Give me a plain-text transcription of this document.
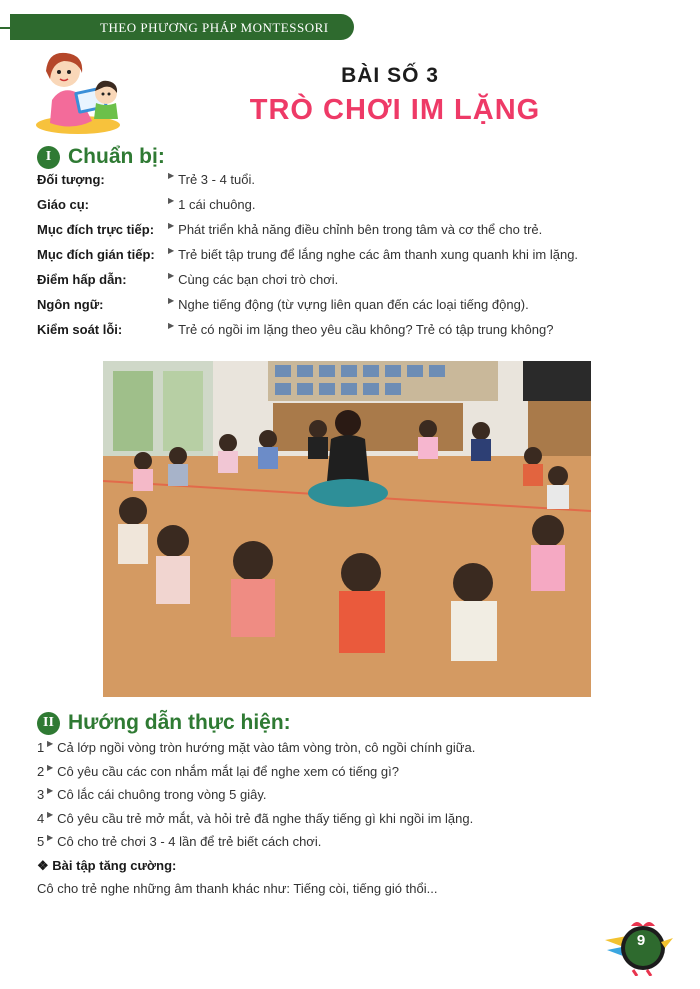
THEO PHƯƠNG PHÁP MONTESSORI
BÀI SỐ 3
TRÒ CHƠI IM LẶNG
I Chuẩn bị:
Đối tượng:	▶ Trẻ 3 - 4 tuổi.
Giáo cụ:	▶ 1 cái chuông.
Mục đích trực tiếp:	▶ Phát triển khả năng điều chỉnh bên trong tâm và cơ thể cho trẻ.
Mục đích gián tiếp:	▶ Trẻ biết tập trung để lắng nghe các âm thanh xung quanh khi im lặng.
Điểm hấp dẫn:	▶ Cùng các bạn chơi trò chơi.
Ngôn ngữ:	▶ Nghe tiếng động (từ vựng liên quan đến các loại tiếng động).
Kiểm soát lỗi:	▶ Trẻ có ngồi im lặng theo yêu cầu không? Trẻ có tập trung không?
II Hướng dẫn thực hiện:
1 ▶ Cả lớp ngồi vòng tròn hướng mặt vào tâm vòng tròn, cô ngồi chính giữa.
2 ▶ Cô yêu cầu các con nhắm mắt lại để nghe xem có tiếng gì?
3 ▶ Cô lắc cái chuông trong vòng 5 giây.
4 ▶ Cô yêu cầu trẻ mở mắt, và hỏi trẻ đã nghe thấy tiếng gì khi ngồi im lặng.
5 ▶ Cô cho trẻ chơi 3 - 4 lần để trẻ biết cách chơi.
❖ Bài tập tăng cường:
Cô cho trẻ nghe những âm thanh khác như: Tiếng còi, tiếng gió thổi...
9
